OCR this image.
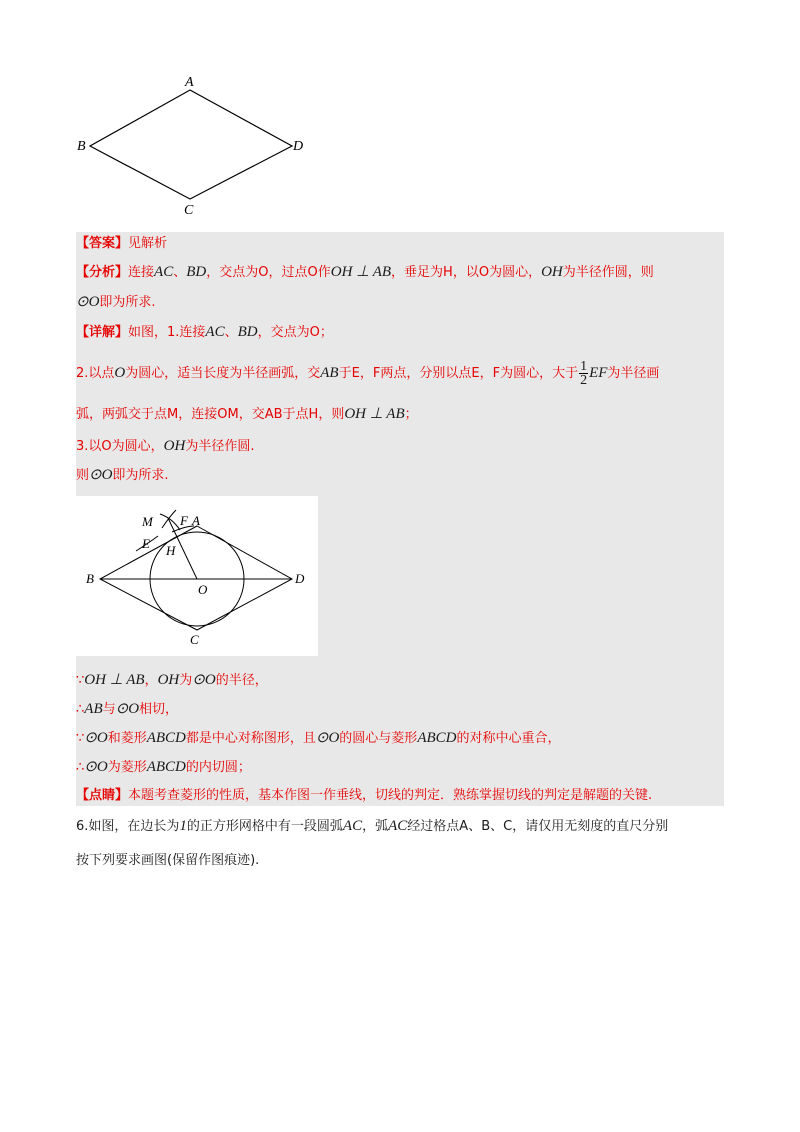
A
B
C
D
【答案】见解析
【分析】连接AC、BD，交点为O，过点O作OH ⊥ AB，垂足为H，以O为圆心，OH为半径作圆，则
⊙O即为所求.
【详解】如图，1.连接AC、BD，交点为O；
2.以点O为圆心，适当长度为半径画弧，交AB于E，F两点，分别以点E，F为圆心，大于 $\frac{1}{2}$ EF为半径画
弧，两弧交于点M，连接OM，交AB于点H，则OH ⊥ AB；
3.以O为圆心，OH为半径作圆.
则⊙O即为所求.
M F A
E H
B
O
D
C
∵OH ⊥ AB，OH为⊙O的半径，
∴AB与⊙O相切，
∵⊙O和菱形ABCD都是中心对称图形，且⊙O的圆心与菱形ABCD的对称中心重合，
∴⊙O为菱形ABCD的内切圆；
【点睛】本题考查菱形的性质，基本作图一作垂线，切线的判定．熟练掌握切线的判定是解题的关键.
6.如图，在边长为1的正方形网格中有一段圆弧AC，弧AC经过格点A、B、C，请仅用无刻度的直尺分别
按下列要求画图(保留作图痕迹).
